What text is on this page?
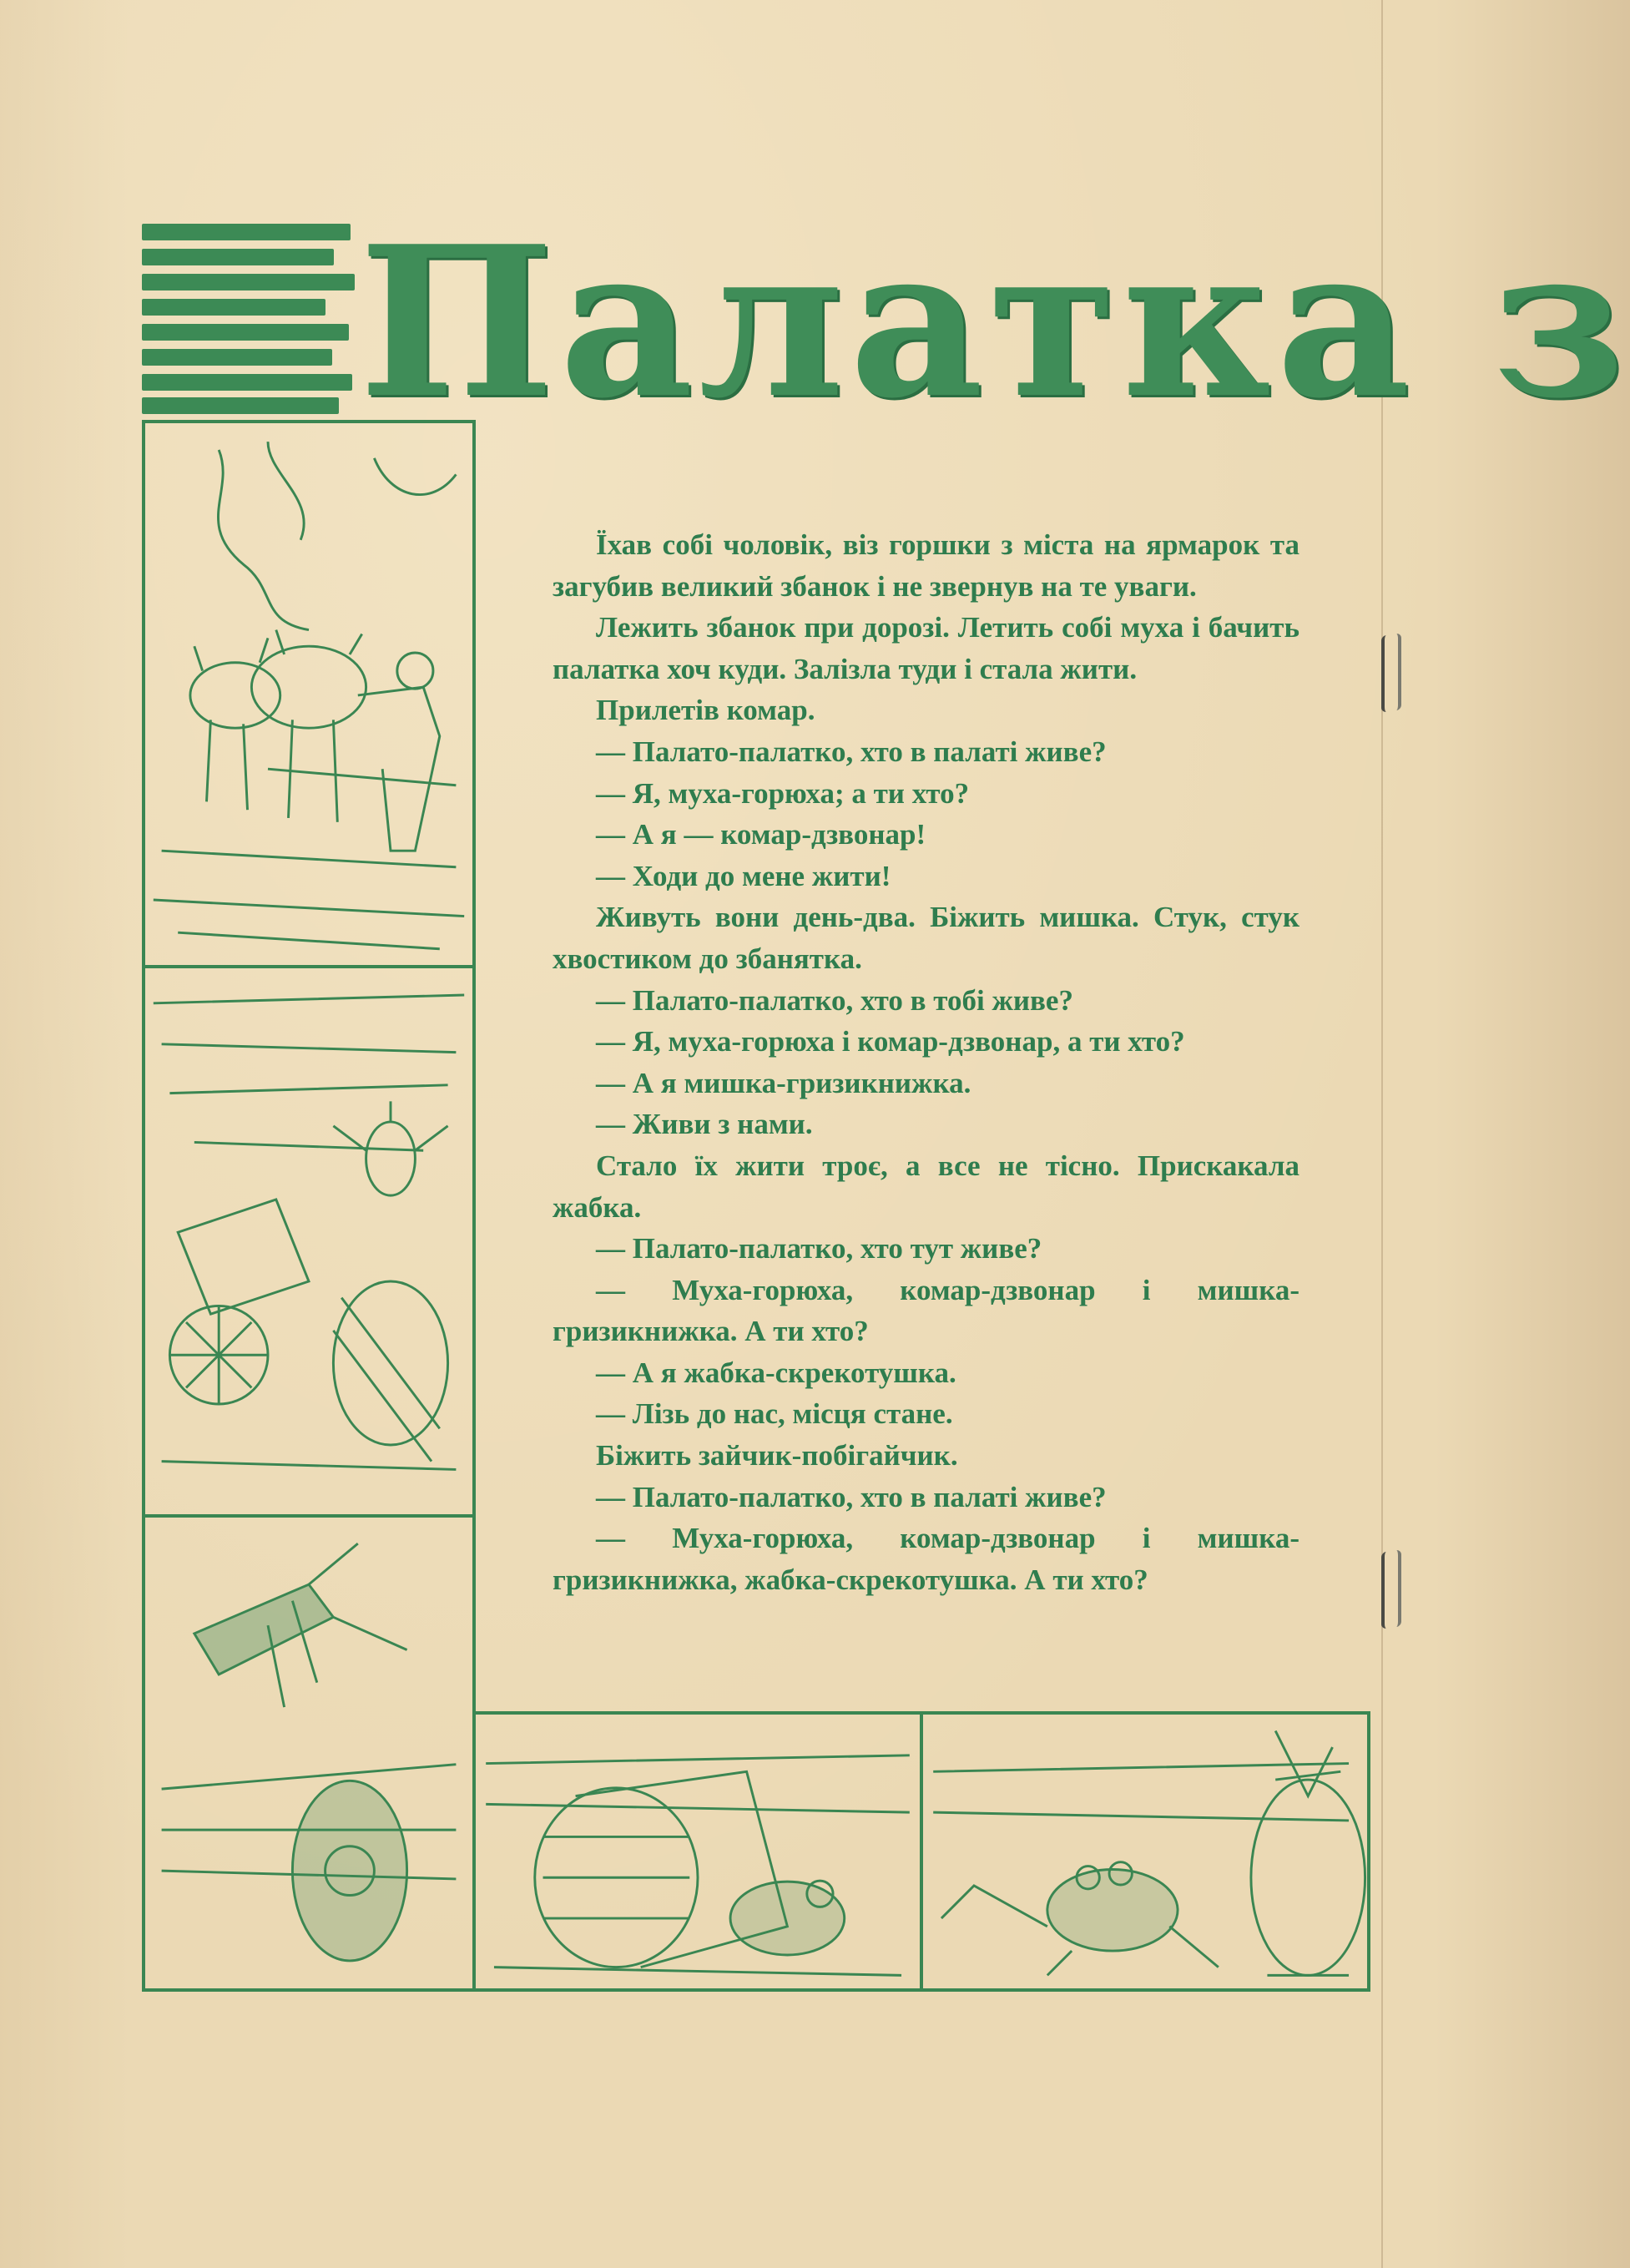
Палатка з

Їхав собі чоловік, віз горшки з міста на ярмарок та загубив великий збанок і не звернув на те уваги.

Лежить збанок при дорозі. Летить собі муха і бачить палатка хоч куди. Залізла туди і стала жити.

Прилетів комар.

— Палато-палатко, хто в палаті живе?

— Я, муха-горюха; а ти хто?

— А я — комар-дзвонар!

— Ходи до мене жити!

Живуть вони день-два. Біжить мишка. Стук, стук хвостиком до збанятка.

— Палато-палатко, хто в тобі живе?

— Я, муха-горюха і комар-дзвонар, а ти хто?

— А я мишка-гризикнижка.

— Живи з нами.

Стало їх жити троє, а все не тісно. Прискакала жабка.

— Палато-палатко, хто тут живе?

— Муха-горюха, комар-дзвонар і мишка-гризикнижка. А ти хто?

— А я жабка-скрекотушка.

— Лізь до нас, місця стане.

Біжить зайчик-побігайчик.

— Палато-палатко, хто в палаті живе?

— Муха-горюха, комар-дзвонар і мишка-гризикнижка, жабка-скрекотушка. А ти хто?
